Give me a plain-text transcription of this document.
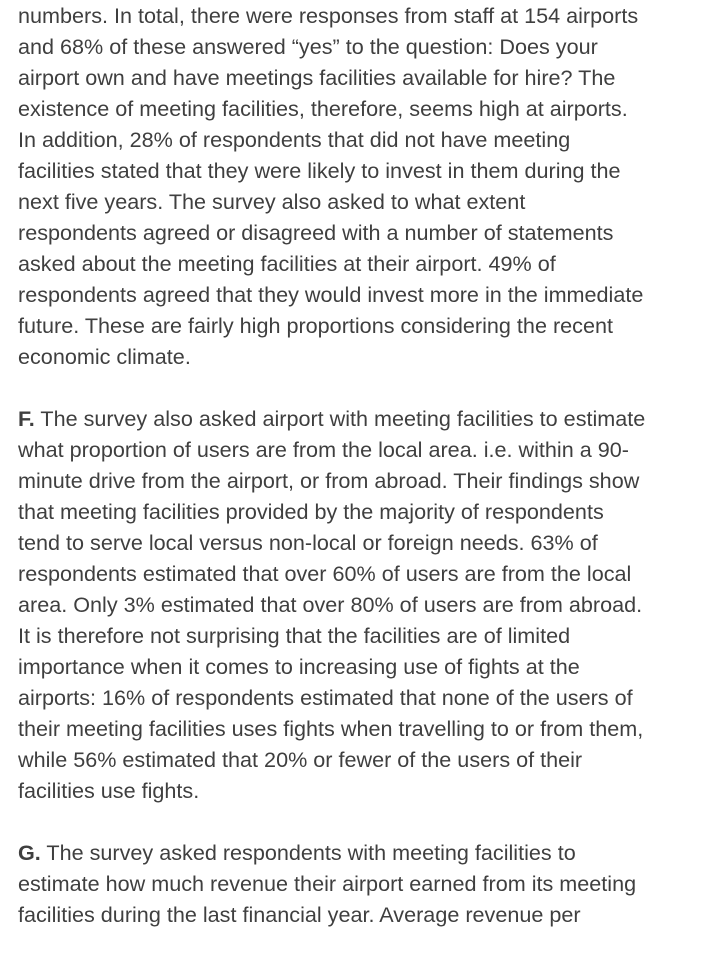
numbers. In total, there were responses from staff at 154 airports
and 68% of these answered “yes” to the question: Does your
airport own and have meetings facilities available for hire? The
existence of meeting facilities, therefore, seems high at airports.
In addition, 28% of respondents that did not have meeting
facilities stated that they were likely to invest in them during the
next five years. The survey also asked to what extent
respondents agreed or disagreed with a number of statements
asked about the meeting facilities at their airport. 49% of
respondents agreed that they would invest more in the immediate
future. These are fairly high proportions considering the recent
economic climate.
F. The survey also asked airport with meeting facilities to estimate
what proportion of users are from the local area. i.e. within a 90-
minute drive from the airport, or from abroad. Their findings show
that meeting facilities provided by the majority of respondents
tend to serve local versus non-local or foreign needs. 63% of
respondents estimated that over 60% of users are from the local
area. Only 3% estimated that over 80% of users are from abroad.
It is therefore not surprising that the facilities are of limited
importance when it comes to increasing use of fights at the
airports: 16% of respondents estimated that none of the users of
their meeting facilities uses fights when travelling to or from them,
while 56% estimated that 20% or fewer of the users of their
facilities use fights.
G. The survey asked respondents with meeting facilities to
estimate how much revenue their airport earned from its meeting
facilities during the last financial year. Average revenue per
